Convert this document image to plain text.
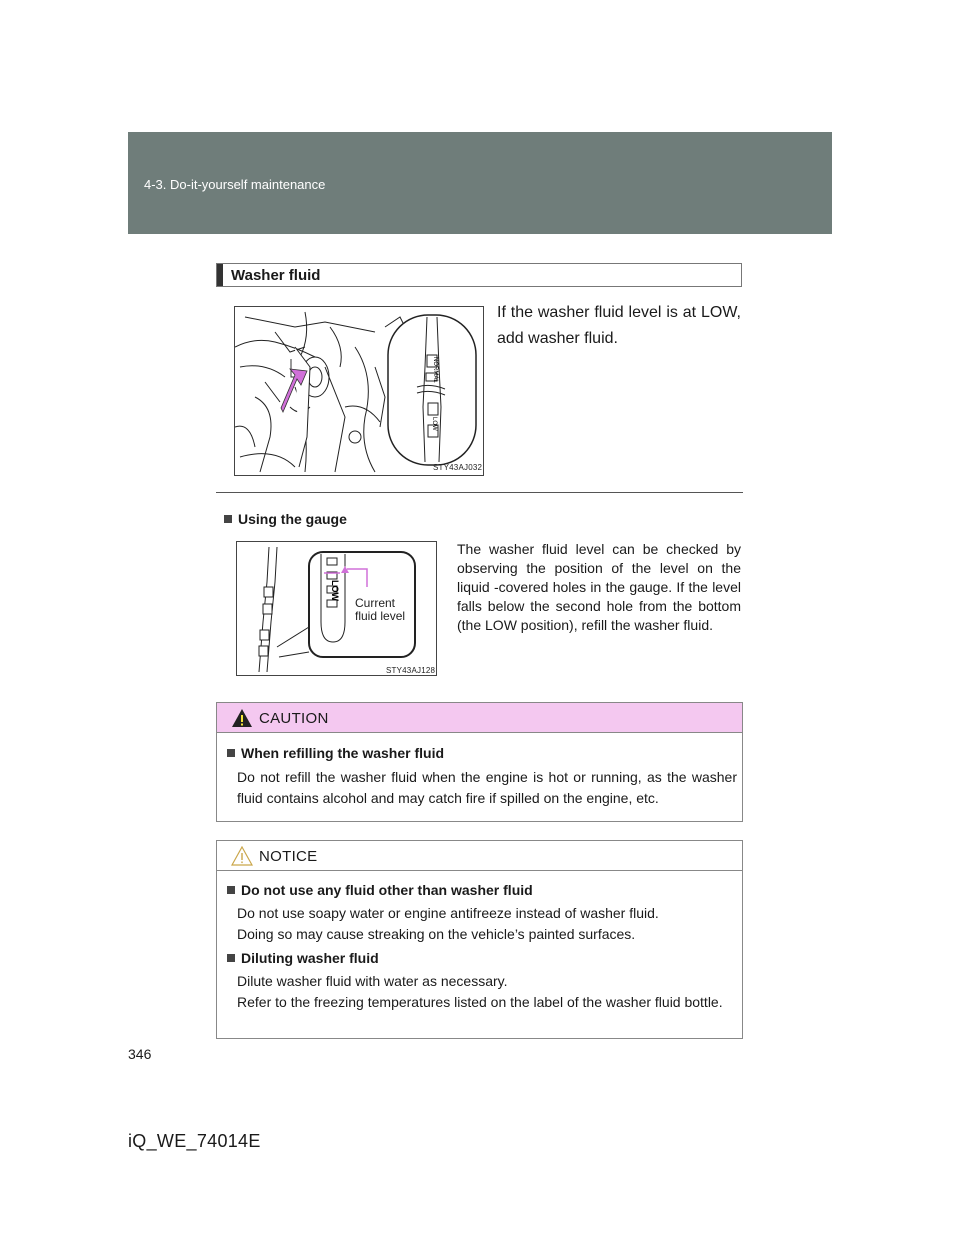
4-3. Do-it-yourself maintenance
Washer fluid
NORMAL
LOW
STY43AJ032
If the washer fluid level is at LOW, add washer fluid.
Using the gauge
LOW
STY43AJ128
Current
fluid level
The washer fluid level can be checked by observing the position of the level on the liquid -covered holes in the gauge. If the level falls below the second hole from the bottom (the LOW position), refill the washer fluid.
CAUTION
When refilling the washer fluid
Do not refill the washer fluid when the engine is hot or running, as the washer fluid contains alcohol and may catch fire if spilled on the engine, etc.
NOTICE
Do not use any fluid other than washer fluid
Do not use soapy water or engine antifreeze instead of washer fluid.
Doing so may cause streaking on the vehicle’s painted surfaces.
Diluting washer fluid
Dilute washer fluid with water as necessary.
Refer to the freezing temperatures listed on the label of the washer fluid bottle.
346
iQ_WE_74014E
